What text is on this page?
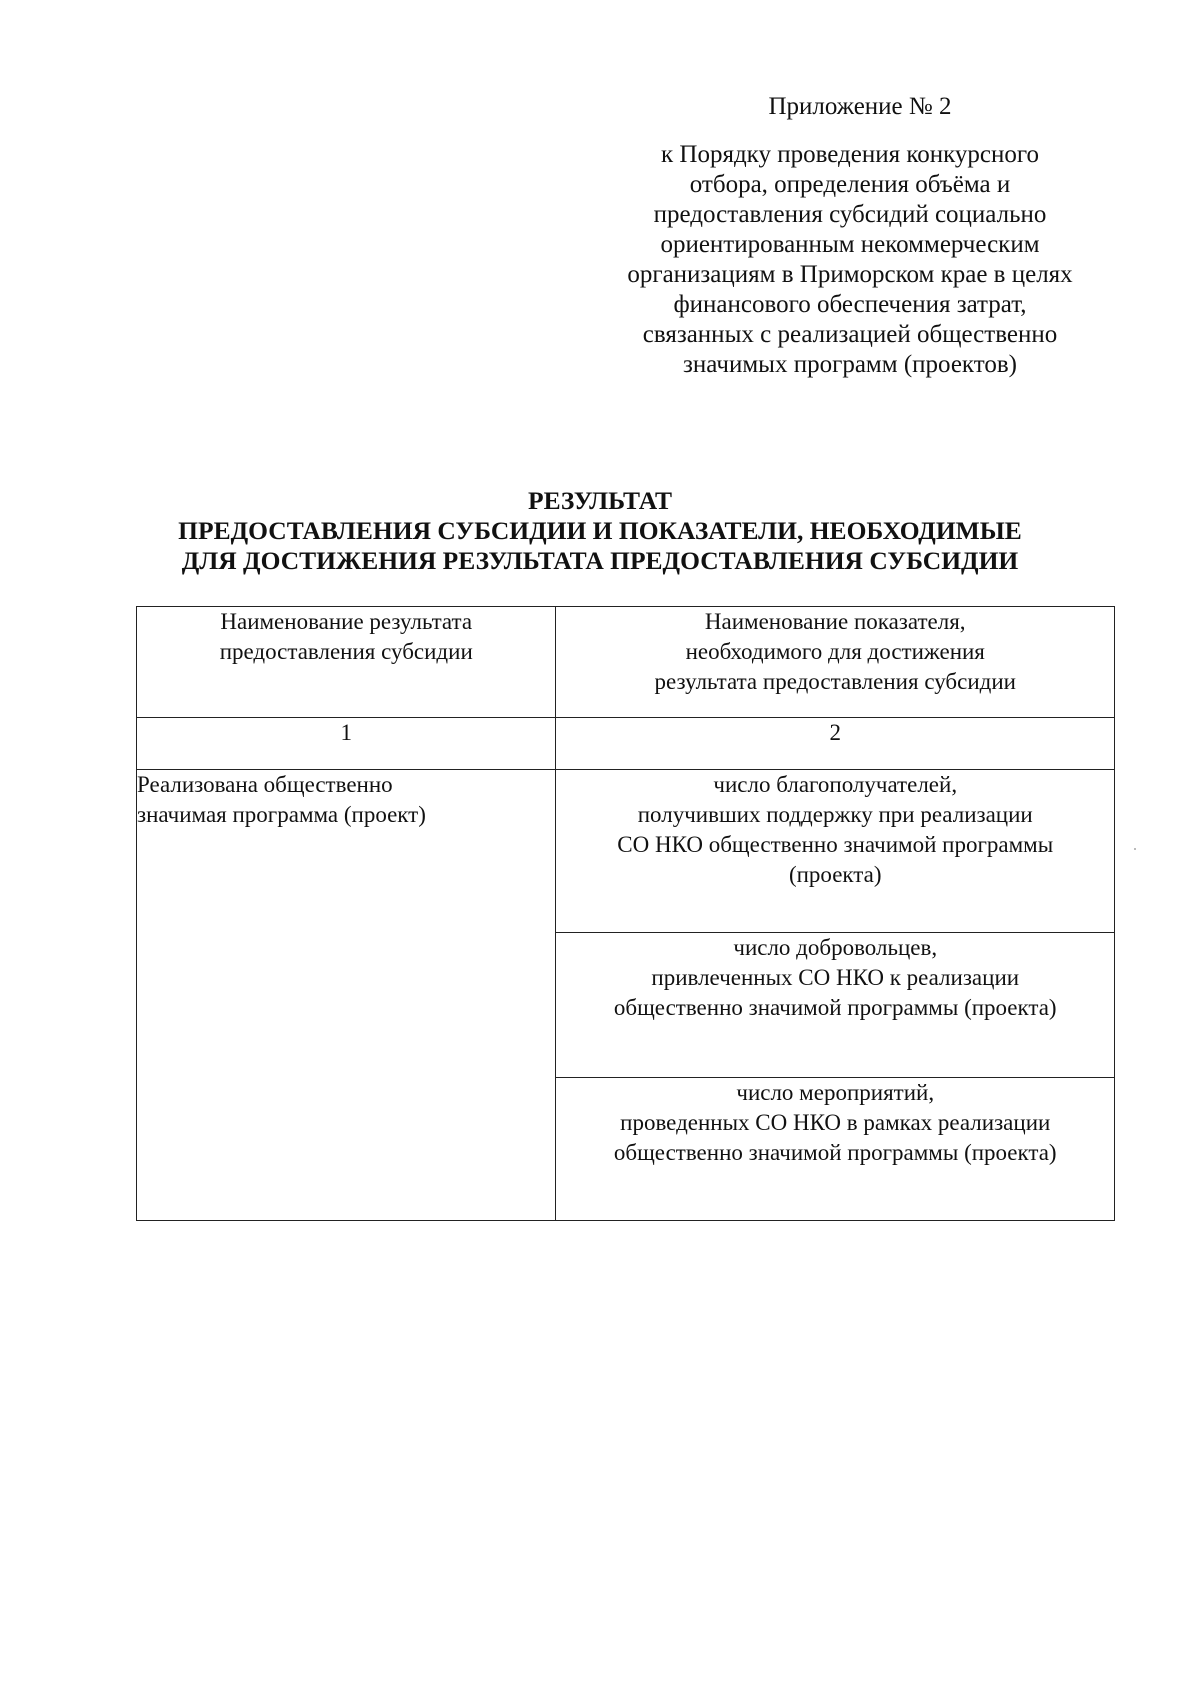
Приложение № 2
к Порядку проведения конкурсного
отбора, определения объёма и
предоставления субсидий социально
ориентированным некоммерческим
организациям в Приморском крае в целях
финансового обеспечения затрат,
связанных с реализацией общественно
значимых программ (проектов)
РЕЗУЛЬТАТ
ПРЕДОСТАВЛЕНИЯ СУБСИДИИ И ПОКАЗАТЕЛИ, НЕОБХОДИМЫЕ
ДЛЯ ДОСТИЖЕНИЯ РЕЗУЛЬТАТА ПРЕДОСТАВЛЕНИЯ СУБСИДИИ
Наименование результата
предоставления субсидии	Наименование показателя,
необходимого для достижения
результата предоставления субсидии

1	2

Реализована общественно
значимая программа (проект)	число благополучателей,
получивших поддержку при реализации
СО НКО общественно значимой программы
(проекта)

	число добровольцев,
привлеченных СО НКО к реализации
общественно значимой программы (проекта)

	число мероприятий,
проведенных СО НКО в рамках реализации
общественно значимой программы (проекта)
